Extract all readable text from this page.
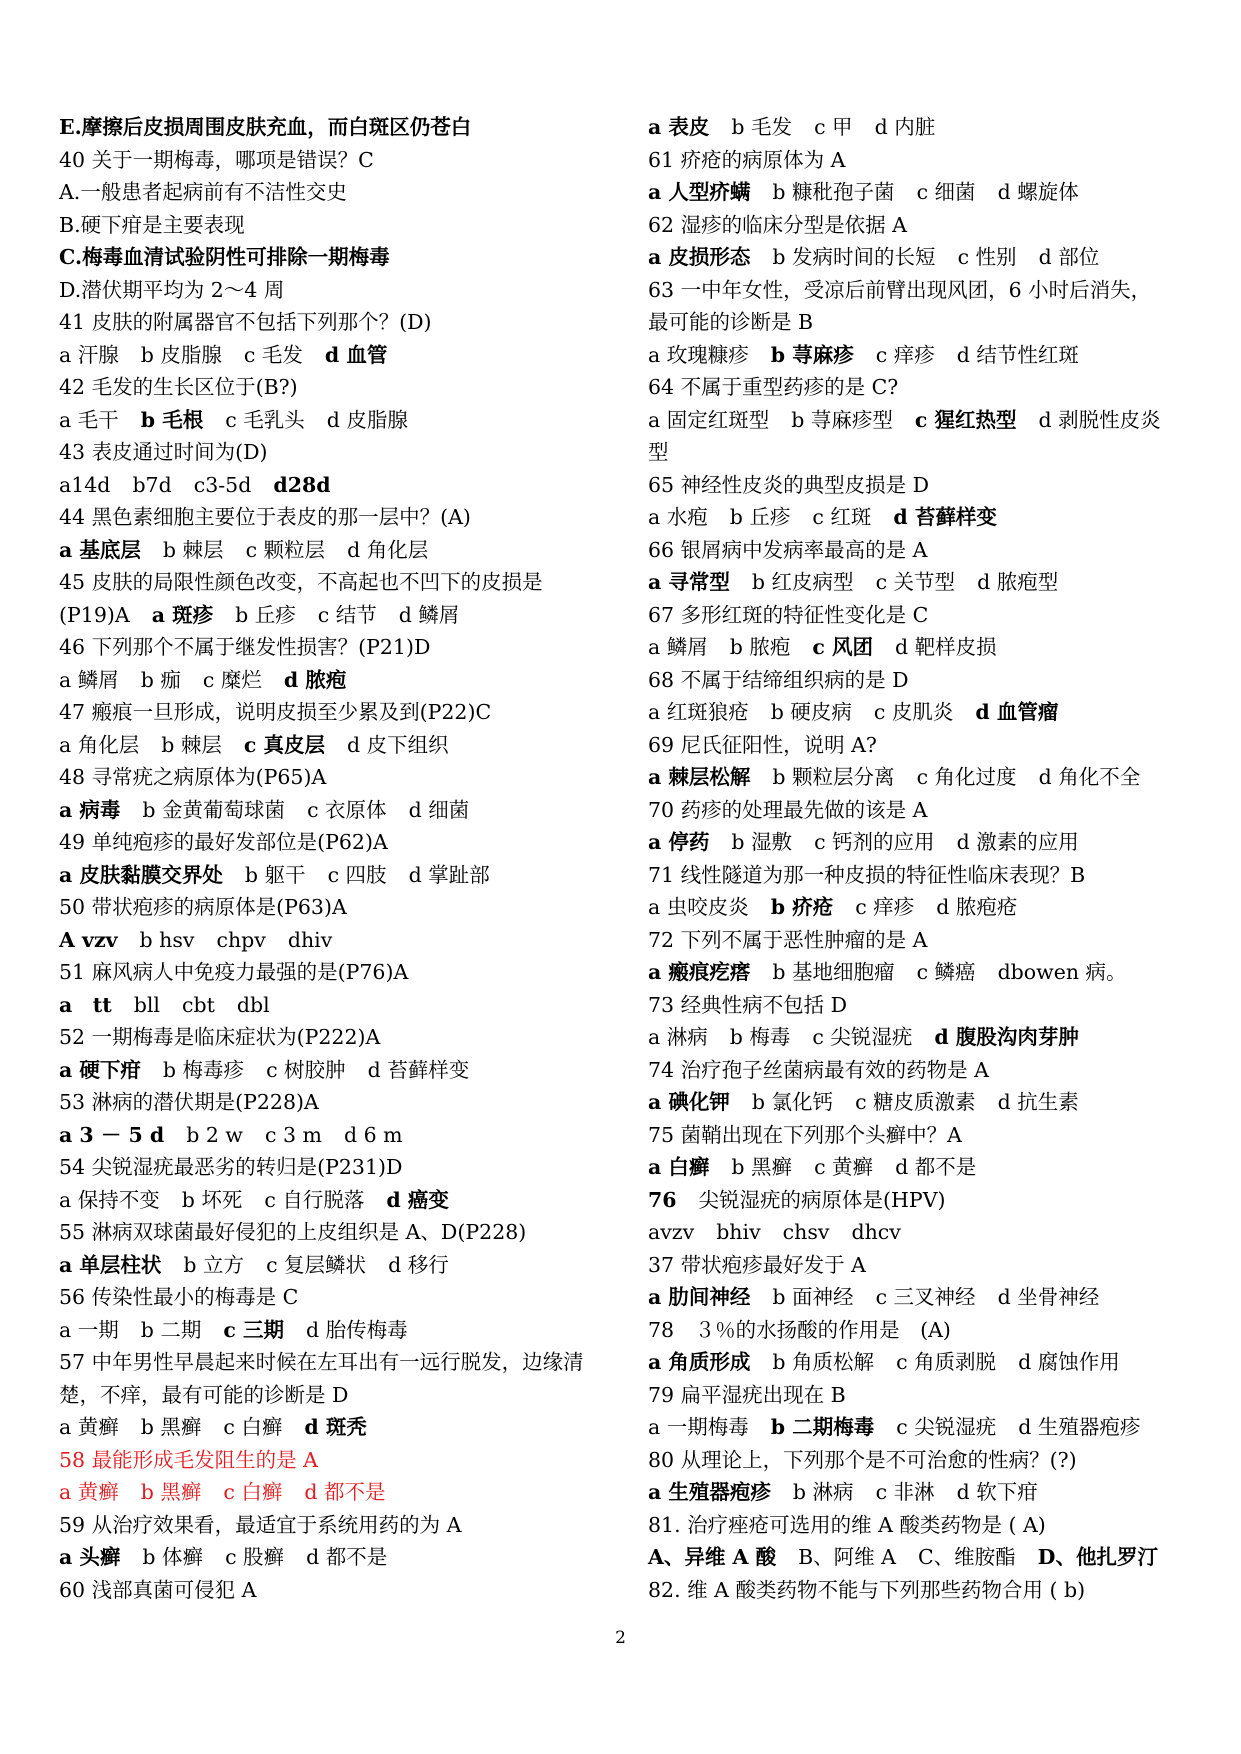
E.摩擦后皮损周围皮肤充血，而白斑区仍苍白
40 关于一期梅毒，哪项是错误？C
A.一般患者起病前有不洁性交史
B.硬下疳是主要表现
C.梅毒血清试验阴性可排除一期梅毒
D.潜伏期平均为 2～4 周
41 皮肤的附属器官不包括下列那个？(D)
a 汗腺 b 皮脂腺 c 毛发 d 血管
42 毛发的生长区位于(B?)
a 毛干 b 毛根 c 毛乳头 d 皮脂腺
43 表皮通过时间为(D)
a14d b7d c3-5d d28d
44 黑色素细胞主要位于表皮的那一层中？(A)
a 基底层 b 棘层 c 颗粒层 d 角化层
45 皮肤的局限性颜色改变，不高起也不凹下的皮损是
(P19)A a 斑疹 b 丘疹 c 结节 d 鳞屑
46 下列那个不属于继发性损害？(P21)D
a 鳞屑 b 痂 c 糜烂 d 脓疱
47 瘢痕一旦形成，说明皮损至少累及到(P22)C
a 角化层 b 棘层 c 真皮层 d 皮下组织
48 寻常疣之病原体为(P65)A
a 病毒 b 金黄葡萄球菌 c 衣原体 d 细菌
49 单纯疱疹的最好发部位是(P62)A
a 皮肤黏膜交界处 b 躯干 c 四肢 d 掌趾部
50 带状疱疹的病原体是(P63)A
A vzv b hsv chpv dhiv
51 麻风病人中免疫力最强的是(P76)A
a　tt bll cbt dbl
52 一期梅毒是临床症状为(P222)A
a 硬下疳 b 梅毒疹 c 树胶肿 d 苔藓样变
53 淋病的潜伏期是(P228)A
a 3 － 5 d b 2 w c 3 m d 6 m
54 尖锐湿疣最恶劣的转归是(P231)D
a 保持不变 b 坏死 c 自行脱落 d 癌变
55 淋病双球菌最好侵犯的上皮组织是 A、D(P228)
a 单层柱状 b 立方 c 复层鳞状 d 移行
56 传染性最小的梅毒是 C
a 一期 b 二期 c 三期 d 胎传梅毒
57 中年男性早晨起来时候在左耳出有一远行脱发，边缘清
楚，不痒，最有可能的诊断是 D
a 黄癣 b 黑癣 c 白癣 d 斑秃
58 最能形成毛发阻生的是 A
a 黄癣 b 黑癣 c 白癣 d 都不是
59 从治疗效果看，最适宜于系统用药的为 A
a 头癣 b 体癣 c 股癣 d 都不是
60 浅部真菌可侵犯 A
a 表皮 b 毛发 c 甲 d 内脏
61 疥疮的病原体为 A
a 人型疥螨 b 糠秕孢子菌 c 细菌 d 螺旋体
62 湿疹的临床分型是依据 A
a 皮损形态 b 发病时间的长短 c 性别 d 部位
63 一中年女性，受凉后前臂出现风团，6 小时后消失，
最可能的诊断是 B
a 玫瑰糠疹 b 荨麻疹 c 痒疹 d 结节性红斑
64 不属于重型药疹的是 C?
a 固定红斑型 b 荨麻疹型 c 猩红热型 d 剥脱性皮炎
型
65 神经性皮炎的典型皮损是 D
a 水疱 b 丘疹 c 红斑 d 苔藓样变
66 银屑病中发病率最高的是 A
a 寻常型 b 红皮病型 c 关节型 d 脓疱型
67 多形红斑的特征性变化是 C
a 鳞屑 b 脓疱 c 风团 d 靶样皮损
68 不属于结缔组织病的是 D
a 红斑狼疮 b 硬皮病 c 皮肌炎 d 血管瘤
69 尼氏征阳性，说明 A?
a 棘层松解 b 颗粒层分离 c 角化过度 d 角化不全
70 药疹的处理最先做的该是 A
a 停药 b 湿敷 c 钙剂的应用 d 激素的应用
71 线性隧道为那一种皮损的特征性临床表现？B
a 虫咬皮炎 b 疥疮 c 痒疹 d 脓疱疮
72 下列不属于恶性肿瘤的是 A
a 瘢痕疙瘩 b 基地细胞瘤 c 鳞癌 dbowen 病。
73 经典性病不包括 D
a 淋病 b 梅毒 c 尖锐湿疣 d 腹股沟肉芽肿
74 治疗孢子丝菌病最有效的药物是 A
a 碘化钾 b 氯化钙 c 糖皮质激素 d 抗生素
75 菌鞘出现在下列那个头癣中？A
a 白癣 b 黑癣 c 黄癣 d 都不是
76 尖锐湿疣的病原体是(HPV)
avzv bhiv chsv dhcv
37 带状疱疹最好发于 A
a 肋间神经 b 面神经 c 三叉神经 d 坐骨神经
78　３％的水扬酸的作用是　(A)
a 角质形成 b 角质松解 c 角质剥脱 d 腐蚀作用
79 扁平湿疣出现在 B
a 一期梅毒 b 二期梅毒 c 尖锐湿疣 d 生殖器疱疹
80 从理论上，下列那个是不可治愈的性病？(?)
a 生殖器疱疹 b 淋病 c 非淋 d 软下疳
81. 治疗痤疮可选用的维 A 酸类药物是 ( A)
A、异维 A 酸 B、阿维 A C、维胺酯 D、他扎罗汀
82. 维 A 酸类药物不能与下列那些药物合用 ( b)
2
